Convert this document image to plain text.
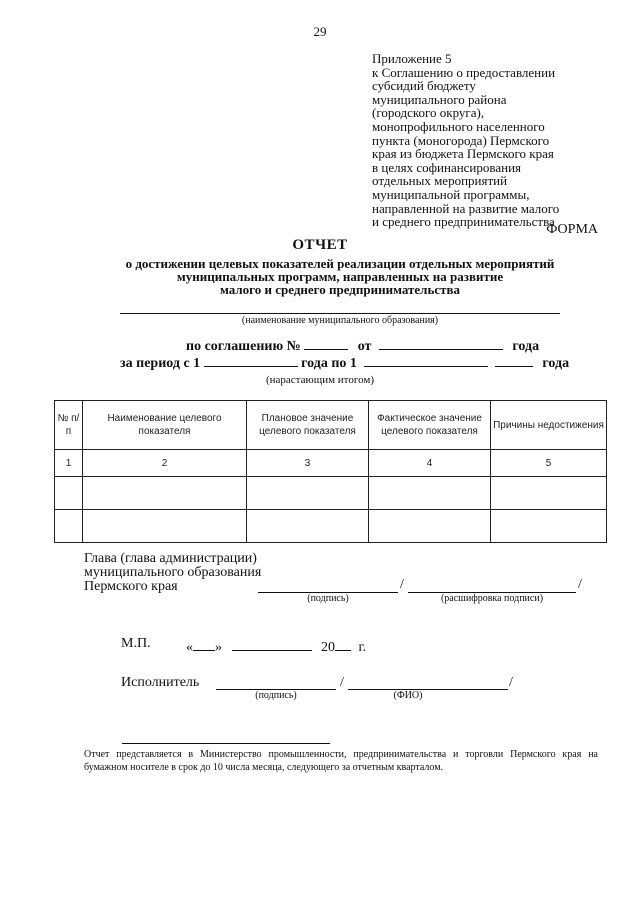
29
Приложение 5
к Соглашению о предоставлении
субсидий бюджету
муниципального района
(городского округа),
монопрофильного населенного
пункта (моногорода) Пермского
края из бюджета Пермского края
в целях софинансирования
отдельных мероприятий
муниципальной программы,
направленной на развитие малого
и среднего предпринимательства
ФОРМА
ОТЧЕТ
о достижении целевых показателей реализации отдельных мероприятий
муниципальных программ, направленных на развитие
малого и среднего предпринимательства
(наименование муниципального образования)
по соглашению №	от	года
за период с 1	года по 1	года
(нарастающим итогом)
№ п/п	Наименование целевого показателя	Плановое значение целевого показателя	Фактическое значение целевого показателя	Причины недостижения
1	2	3	4	5

Глава (глава администрации)
муниципального образования
Пермского края	/	/
(подпись)	(расшифровка подписи)
М.П.	« »	20 г.
Исполнитель	/	/
(подпись)	(ФИО)
Отчет представляется в Министерство промышленности, предпринимательства и торговли Пермского края на бумажном носителе в срок до 10 числа месяца, следующего за отчетным кварталом.
